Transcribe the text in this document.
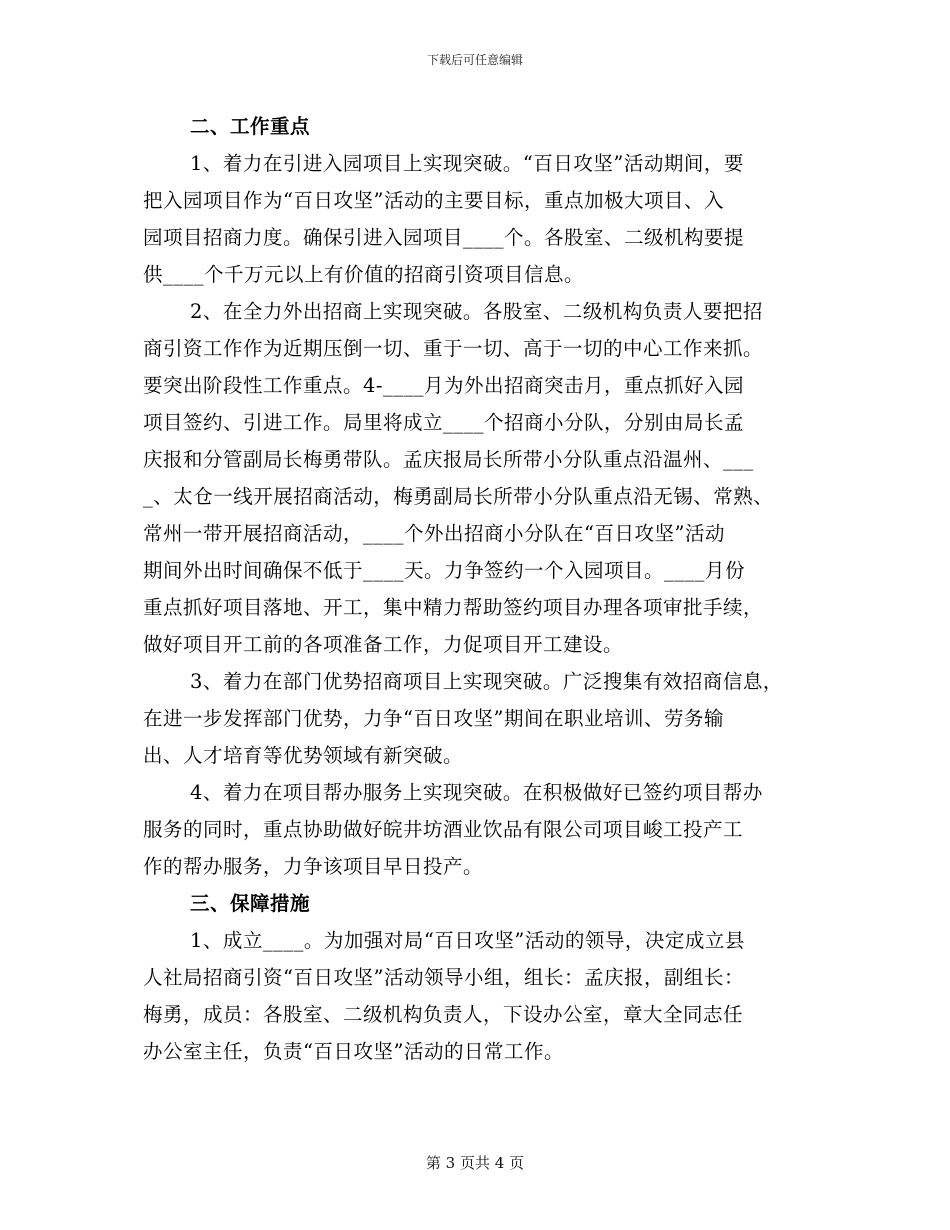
下载后可任意编辑
二、工作重点
1、着力在引进入园项目上实现突破。“百日攻坚”活动期间，要
把入园项目作为“百日攻坚”活动的主要目标，重点加极大项目、入
园项目招商力度。确保引进入园项目____个。各股室、二级机构要提
供____个千万元以上有价值的招商引资项目信息。
2、在全力外出招商上实现突破。各股室、二级机构负责人要把招
商引资工作作为近期压倒一切、重于一切、高于一切的中心工作来抓。
要突出阶段性工作重点。4-____月为外出招商突击月，重点抓好入园
项目签约、引进工作。局里将成立____个招商小分队，分别由局长孟
庆报和分管副局长梅勇带队。孟庆报局长所带小分队重点沿温州、___
_、太仓一线开展招商活动，梅勇副局长所带小分队重点沿无锡、常熟、
常州一带开展招商活动，____个外出招商小分队在“百日攻坚”活动
期间外出时间确保不低于____天。力争签约一个入园项目。____月份
重点抓好项目落地、开工，集中精力帮助签约项目办理各项审批手续，
做好项目开工前的各项准备工作，力促项目开工建设。
3、着力在部门优势招商项目上实现突破。广泛搜集有效招商信息，
在进一步发挥部门优势，力争“百日攻坚”期间在职业培训、劳务输
出、人才培育等优势领域有新突破。
4、着力在项目帮办服务上实现突破。在积极做好已签约项目帮办
服务的同时，重点协助做好皖井坊酒业饮品有限公司项目峻工投产工
作的帮办服务，力争该项目早日投产。
三、保障措施
1、成立____。为加强对局“百日攻坚”活动的领导，决定成立县
人社局招商引资“百日攻坚”活动领导小组，组长：孟庆报，副组长：
梅勇，成员：各股室、二级机构负责人，下设办公室，章大全同志任
办公室主任，负责“百日攻坚”活动的日常工作。
第 3 页共 4 页
